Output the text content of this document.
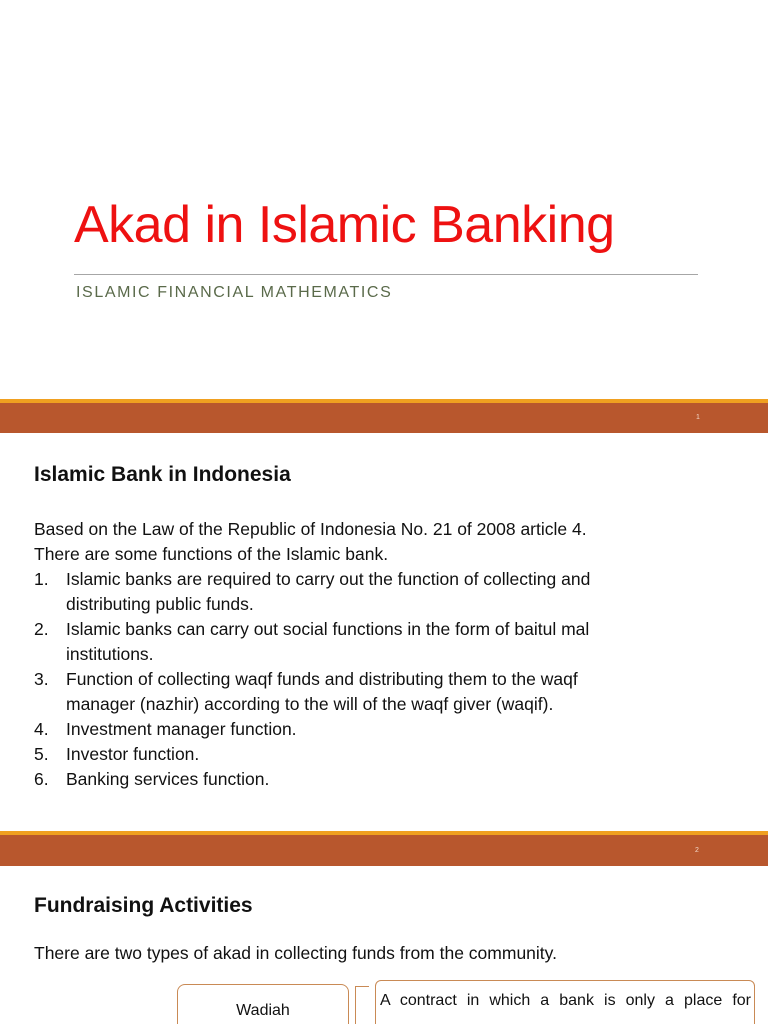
Akad in Islamic Banking
ISLAMIC FINANCIAL MATHEMATICS
1
Islamic Bank in Indonesia
Based on the Law of the Republic of Indonesia No. 21 of 2008 article 4.
There are some functions of the Islamic bank.
1. Islamic banks are required to carry out the function of collecting and
distributing public funds.
2. Islamic banks can carry out social functions in the form of baitul mal
institutions.
3. Function of collecting waqf funds and distributing them to the waqf
manager (nazhir) according to the will of the waqf giver (waqif).
4. Investment manager function.
5. Investor function.
6. Banking services function.
2
Fundraising Activities
There are two types of akad in collecting funds from the community.
Wadiah
A contract in which a bank is only a place for
